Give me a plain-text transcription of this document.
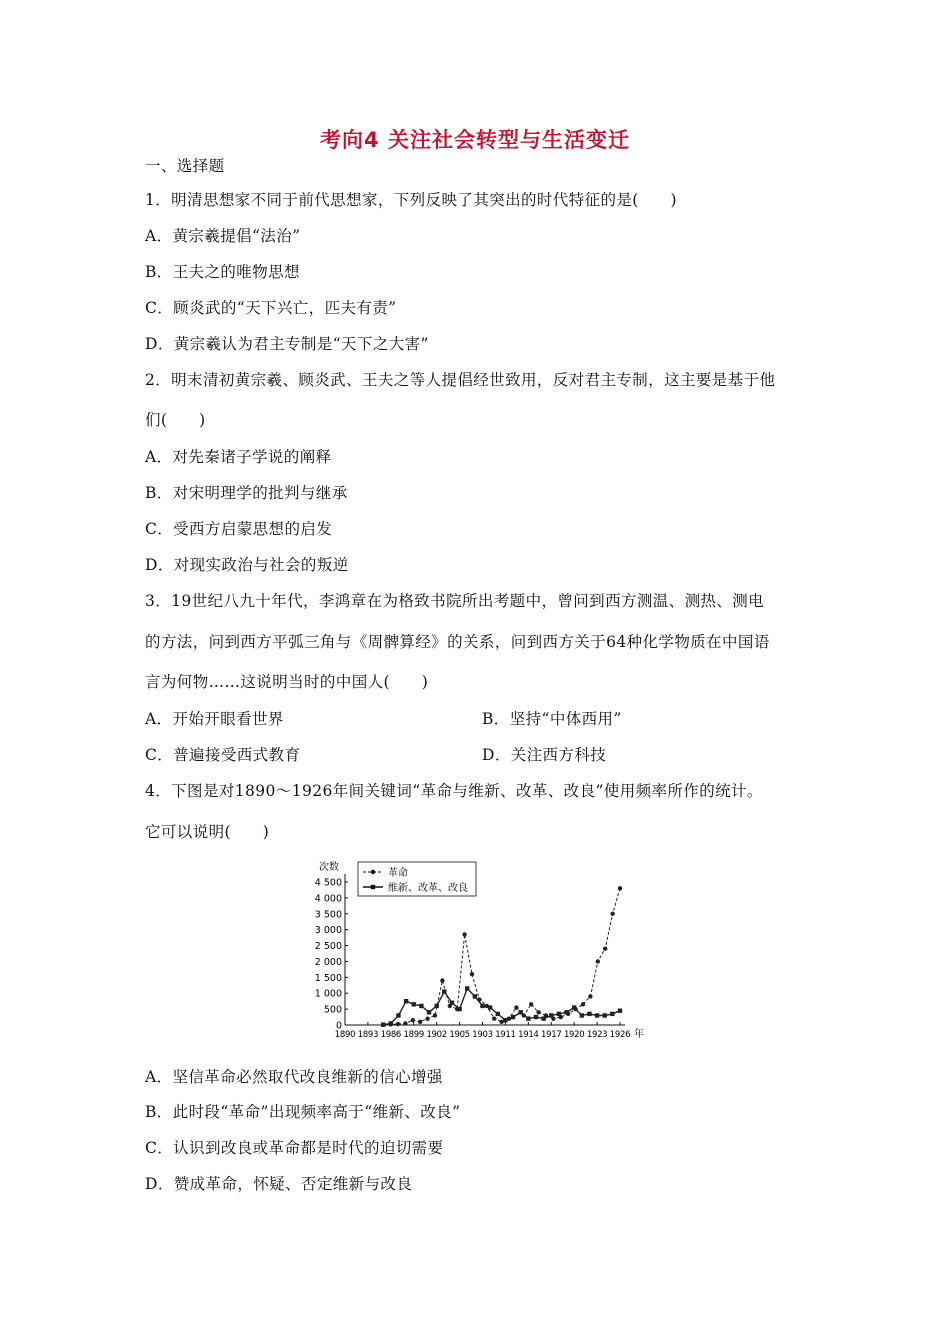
考向4 关注社会转型与生活变迁
一、选择题
1．明清思想家不同于前代思想家，下列反映了其突出的时代特征的是(　　)
A．黄宗羲提倡“法治”
B．王夫之的唯物思想
C．顾炎武的“天下兴亡，匹夫有责”
D．黄宗羲认为君主专制是“天下之大害”
2．明末清初黄宗羲、顾炎武、王夫之等人提倡经世致用，反对君主专制，这主要是基于他
们(　　)
A．对先秦诸子学说的阐释
B．对宋明理学的批判与继承
C．受西方启蒙思想的启发
D．对现实政治与社会的叛逆
3．19世纪八九十年代，李鸿章在为格致书院所出考题中，曾问到西方测温、测热、测电
的方法，问到西方平弧三角与《周髀算经》的关系，问到西方关于64种化学物质在中国语
言为何物……这说明当时的中国人(　　)
A．开始开眼看世界	B．坚持“中体西用”
C．普遍接受西式教育	D．关注西方科技
4．下图是对1890～1926年间关键词“革命与维新、改革、改良”使用频率所作的统计。
它可以说明(　　)
次数
4 500
4 000
3 500
3 000
2 500
2 000
1 500
1 000
500
0
1890 1893 1986 1899 1902 1905 1903 1911 1914 1917 1920 1923 1926 年
革命
维新、改革、改良
A．坚信革命必然取代改良维新的信心增强
B．此时段“革命”出现频率高于“维新、改良”
C．认识到改良或革命都是时代的迫切需要
D．赞成革命，怀疑、否定维新与改良
